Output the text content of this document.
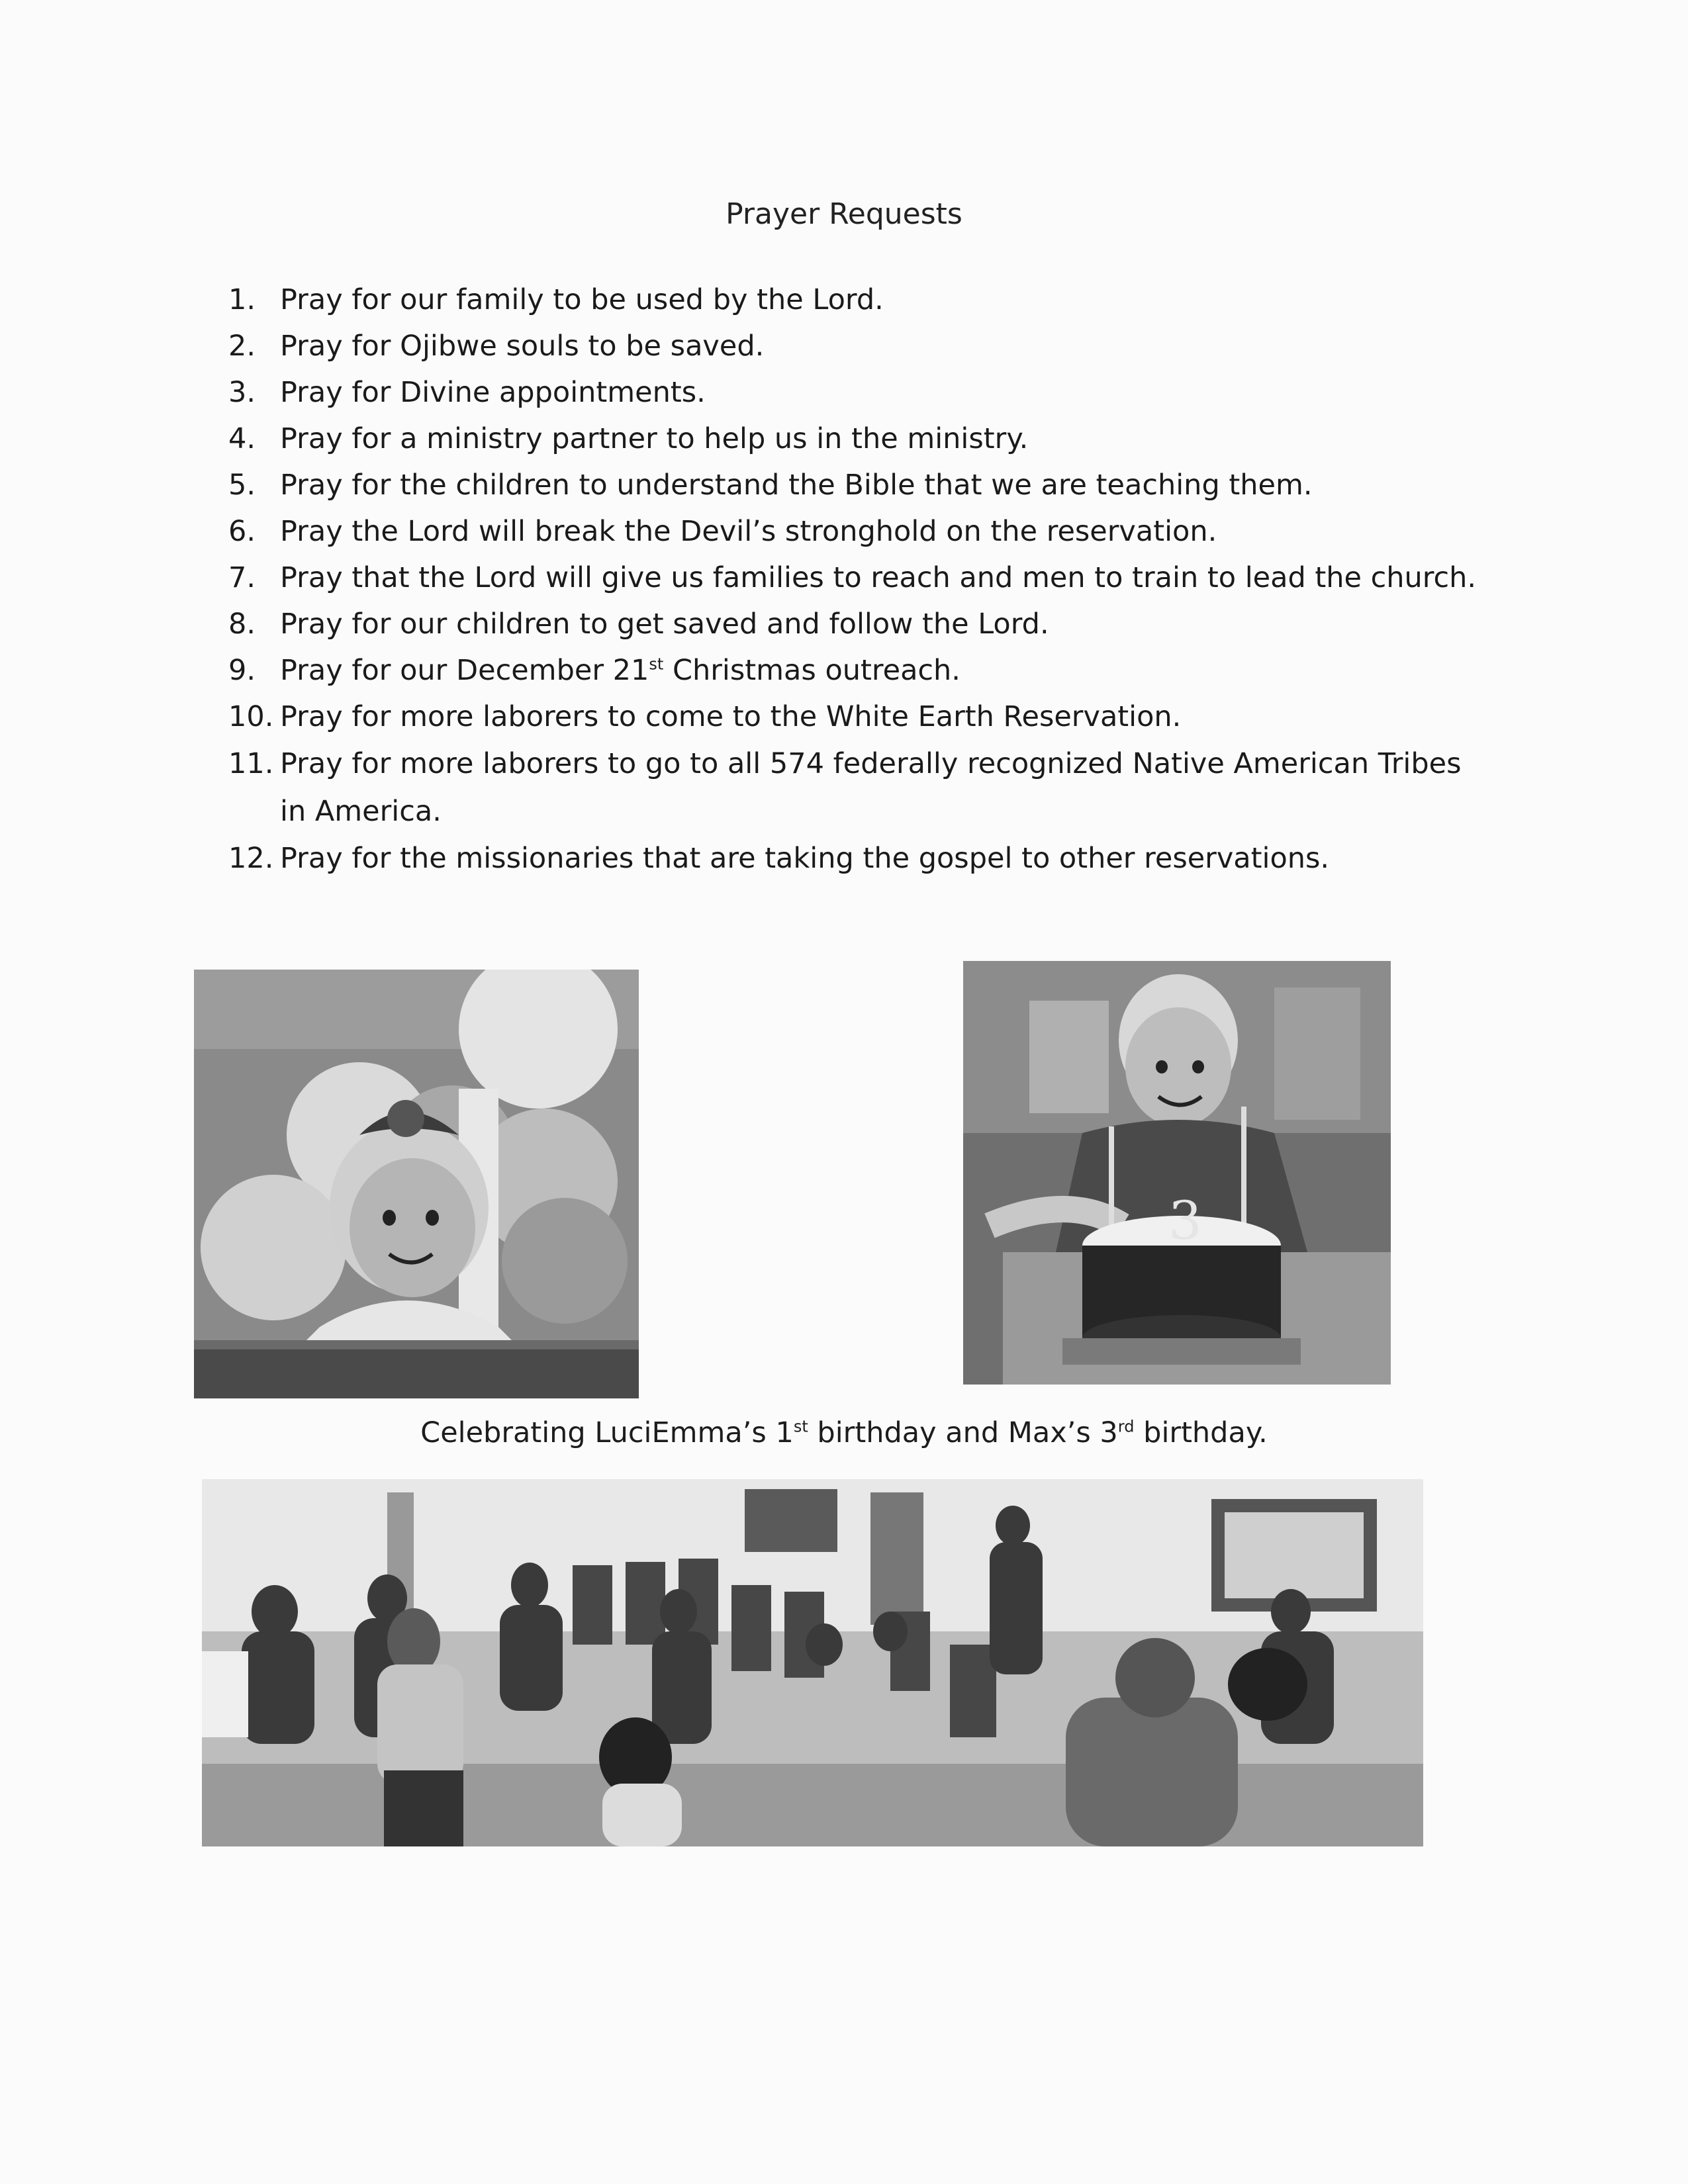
Prayer Requests
1. Pray for our family to be used by the Lord.
2. Pray for Ojibwe souls to be saved.
3. Pray for Divine appointments.
4. Pray for a ministry partner to help us in the ministry.
5. Pray for the children to understand the Bible that we are teaching them.
6. Pray the Lord will break the Devil’s stronghold on the reservation.
7. Pray that the Lord will give us families to reach and men to train to lead the church.
8. Pray for our children to get saved and follow the Lord.
9. Pray for our December 21st Christmas outreach.
10. Pray for more laborers to come to the White Earth Reservation.
11. Pray for more laborers to go to all 574 federally recognized Native American Tribes in America.
12. Pray for the missionaries that are taking the gospel to other reservations.
3
Celebrating LuciEmma’s 1st birthday and Max’s 3rd birthday.
